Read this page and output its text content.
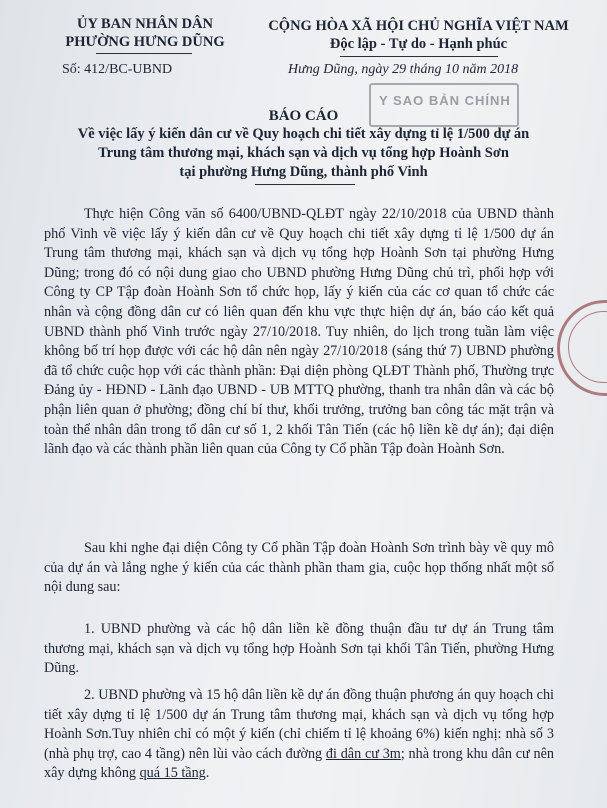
ỦY BAN NHÂN DÂN
PHƯỜNG HƯNG DŨNG
Số: 412/BC-UBND
CỘNG HÒA XÃ HỘI CHỦ NGHĨA VIỆT NAM
Độc lập - Tự do - Hạnh phúc
Hưng Dũng, ngày 29 tháng 10 năm 2018
Y SAO BẢN CHÍNH
BÁO CÁO
Về việc lấy ý kiến dân cư về Quy hoạch chi tiết xây dựng tỉ lệ 1/500 dự án
Trung tâm thương mại, khách sạn và dịch vụ tổng hợp Hoành Sơn
tại phường Hưng Dũng, thành phố Vinh

Thực hiện Công văn số 6400/UBND-QLĐT ngày 22/10/2018 của UBND thành phố Vinh về việc lấy ý kiến dân cư về Quy hoạch chi tiết xây dựng tỉ lệ 1/500 dự án Trung tâm thương mại, khách sạn và dịch vụ tổng hợp Hoành Sơn tại phường Hưng Dũng; trong đó có nội dung giao cho UBND phường Hưng Dũng chủ trì, phối hợp với Công ty CP Tập đoàn Hoành Sơn tổ chức họp, lấy ý kiến của các cơ quan tổ chức các nhân và cộng đồng dân cư có liên quan đến khu vực thực hiện dự án, báo cáo kết quả UBND thành phố Vinh trước ngày 27/10/2018. Tuy nhiên, do lịch trong tuần làm việc không bố trí họp được với các hộ dân nên ngày 27/10/2018 (sáng thứ 7) UBND phường đã tổ chức cuộc họp với các thành phần: Đại diện phòng QLĐT Thành phố, Thường trực Đảng ủy - HĐND - Lãnh đạo UBND - UB MTTQ phường, thanh tra nhân dân và các bộ phận liên quan ở phường; đồng chí bí thư, khối trưởng, trưởng ban công tác mặt trận và toàn thể nhân dân trong tổ dân cư số 1, 2 khối Tân Tiến (các hộ liền kề dự án); đại diện lãnh đạo và các thành phần liên quan của Công ty Cổ phần Tập đoàn Hoành Sơn.

Sau khi nghe đại diện Công ty Cổ phần Tập đoàn Hoành Sơn trình bày về quy mô của dự án và lắng nghe ý kiến của các thành phần tham gia, cuộc họp thống nhất một số nội dung sau:

1. UBND phường và các hộ dân liền kề đồng thuận đầu tư dự án Trung tâm thương mại, khách sạn và dịch vụ tổng hợp Hoành Sơn tại khối Tân Tiến, phường Hưng Dũng.

2. UBND phường và 15 hộ dân liền kề dự án đồng thuận phương án quy hoạch chi tiết xây dựng tỉ lệ 1/500 dự án Trung tâm thương mại, khách sạn và dịch vụ tổng hợp Hoành Sơn.Tuy nhiên chỉ có một ý kiến (chỉ chiếm tỉ lệ khoảng 6%) kiến nghị: nhà số 3 (nhà phụ trợ, cao 4 tầng) nên lùi vào cách đường đi dân cư 3m; nhà trong khu dân cư nên xây dựng không quá 15 tầng.
